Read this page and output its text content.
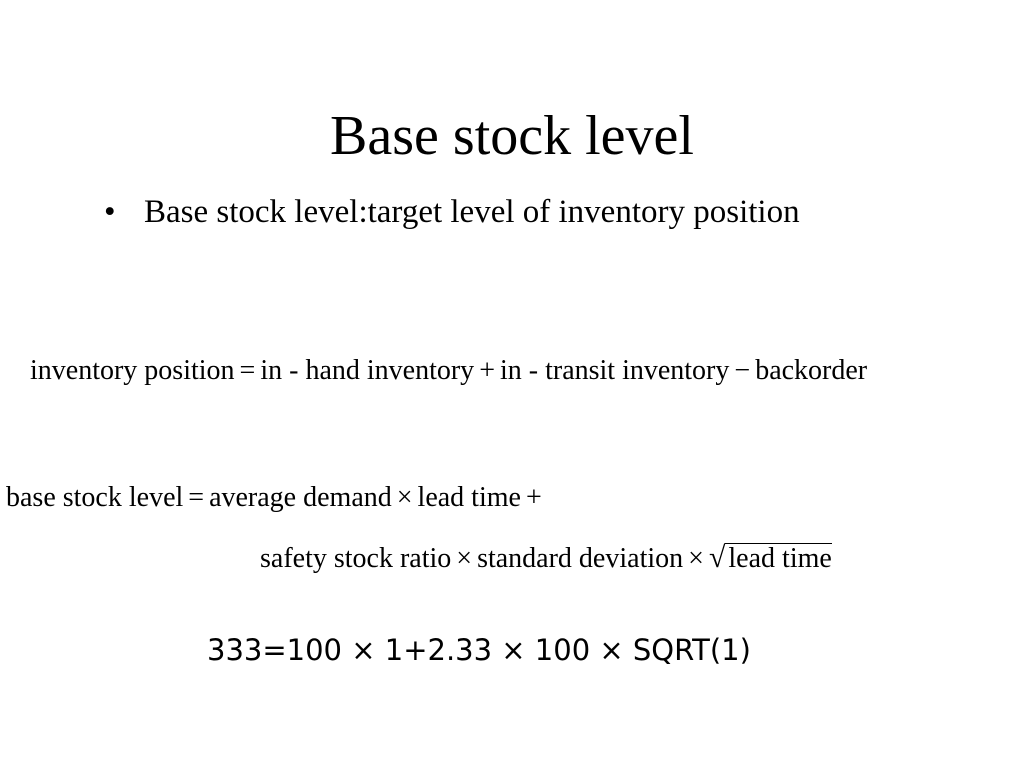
Base stock level
• Base stock level:target level of inventory position
inventory position = in - hand inventory + in - transit inventory − backorder
base stock level = average demand × lead time +
safety stock ratio × standard deviation × √ lead time
333=100 × 1+2.33 × 100 × SQRT(1)
